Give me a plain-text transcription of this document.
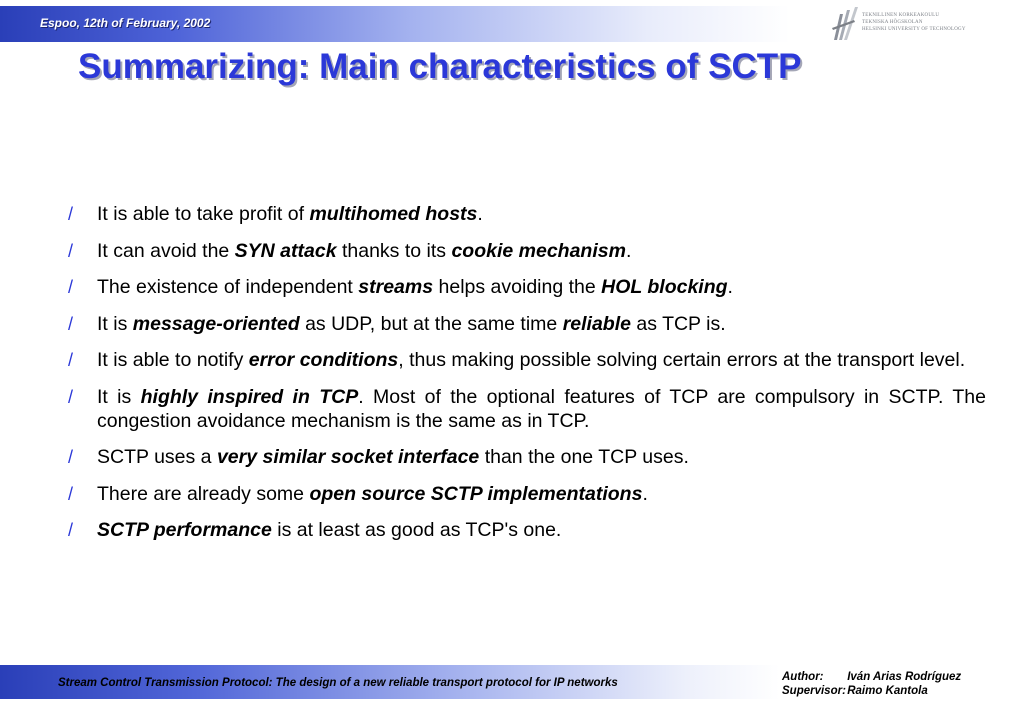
Espoo, 12th of February, 2002
TEKNILLINEN KORKEAKOULU
TEKNISKA HÖGSKOLAN
HELSINKI UNIVERSITY OF TECHNOLOGY
Summarizing: Main characteristics of SCTP
/ It is able to take profit of multihomed hosts.
/ It can avoid the SYN attack thanks to its cookie mechanism.
/ The existence of independent streams helps avoiding the HOL blocking.
/ It is message-oriented as UDP, but at the same time reliable as TCP is.
/ It is able to notify error conditions, thus making possible solving certain errors at the transport level.
/ It is highly inspired in TCP. Most of the optional features of TCP are compulsory in SCTP. The congestion avoidance mechanism is the same as in TCP.
/ SCTP uses a very similar socket interface than the one TCP uses.
/ There are already some open source SCTP implementations.
/ SCTP performance is at least as good as TCP's one.
Stream Control Transmission Protocol: The design of a new reliable transport protocol for IP networks	Author: Iván Arias Rodríguez
Supervisor: Raimo Kantola
